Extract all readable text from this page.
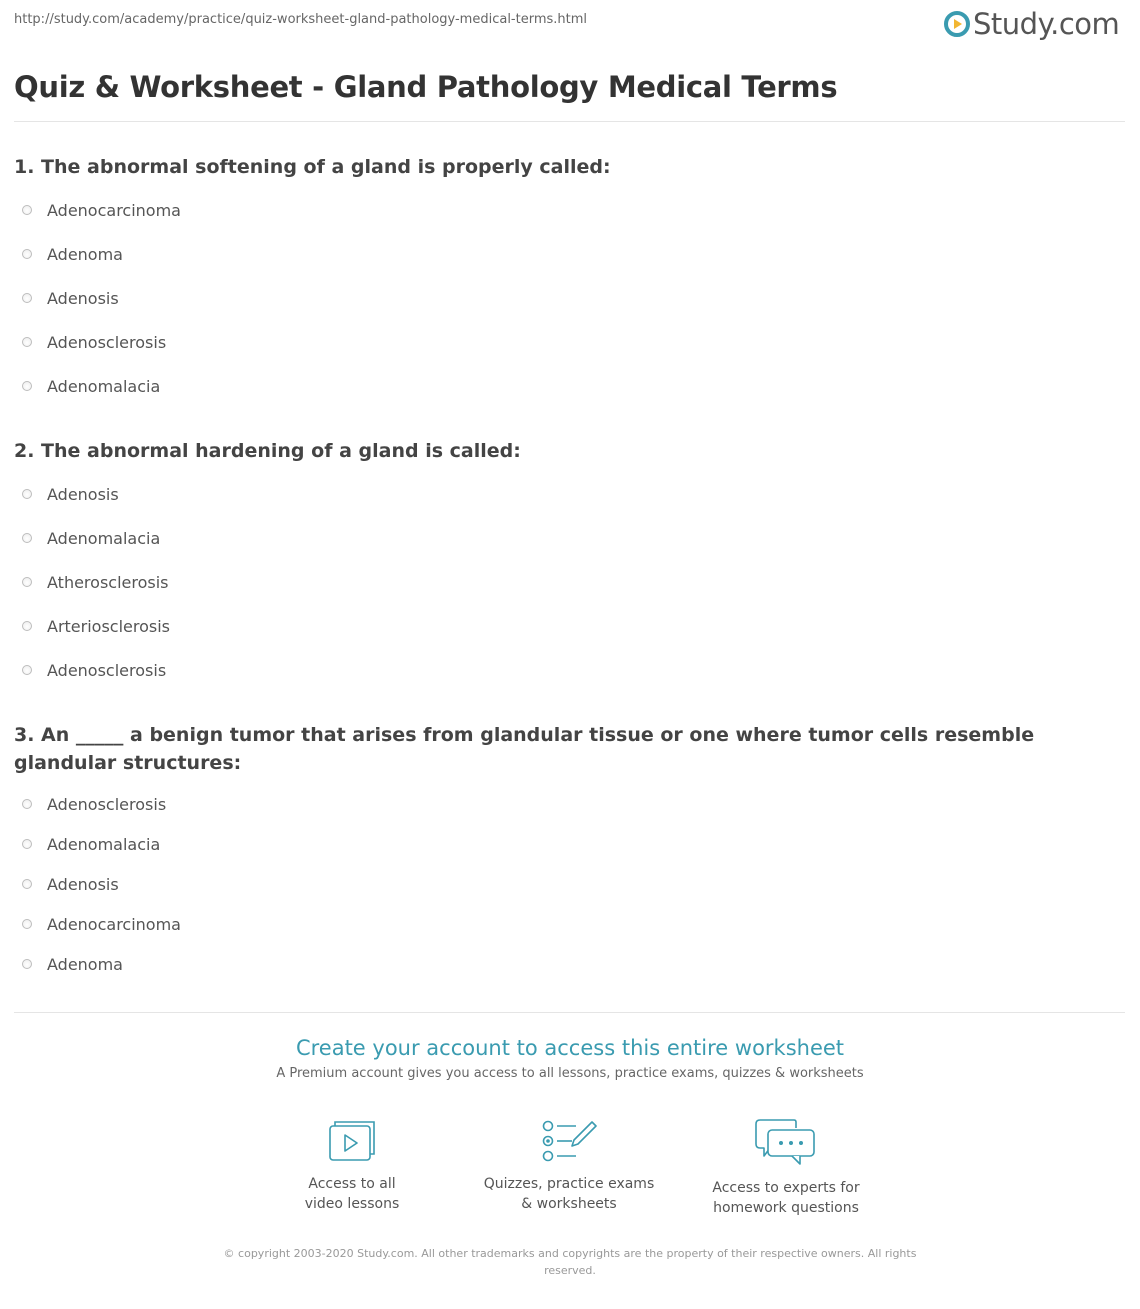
http://study.com/academy/practice/quiz-worksheet-gland-pathology-medical-terms.html	Study.com
Quiz & Worksheet - Gland Pathology Medical Terms
1. The abnormal softening of a gland is properly called:
Adenocarcinoma
Adenoma
Adenosis
Adenosclerosis
Adenomalacia
2. The abnormal hardening of a gland is called:
Adenosis
Adenomalacia
Atherosclerosis
Arteriosclerosis
Adenosclerosis
3. An _____ a benign tumor that arises from glandular tissue or one where tumor cells resemble glandular structures:
Adenosclerosis
Adenomalacia
Adenosis
Adenocarcinoma
Adenoma
Create your account to access this entire worksheet
A Premium account gives you access to all lessons, practice exams, quizzes & worksheets
Access to all
video lessons
Quizzes, practice exams
& worksheets
Access to experts for
homework questions
© copyright 2003-2020 Study.com. All other trademarks and copyrights are the property of their respective owners. All rights reserved.
